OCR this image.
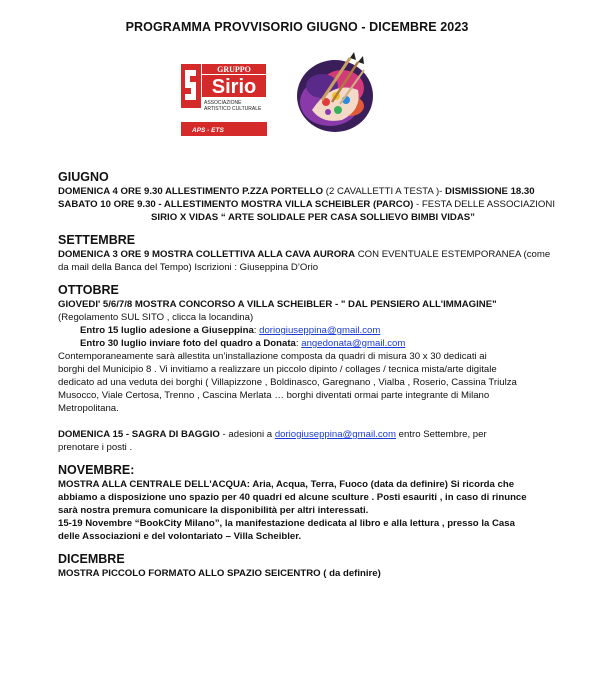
PROGRAMMA PROVVISORIO GIUGNO - DICEMBRE 2023
GRUPPO
Sirio
ASSOCIAZIONE
ARTISTICO CULTURALE
APS - ETS
GIUGNO
DOMENICA 4 ORE 9.30 ALLESTIMENTO P.ZZA PORTELLO (2 CAVALLETTI A TESTA )- DISMISSIONE 18.30
SABATO 10 ORE 9.30 - ALLESTIMENTO MOSTRA VILLA SCHEIBLER (PARCO) - FESTA DELLE ASSOCIAZIONI
SIRIO X VIDAS “ ARTE SOLIDALE PER CASA SOLLIEVO BIMBI VIDAS”
SETTEMBRE
DOMENICA 3 ORE 9 MOSTRA COLLETTIVA ALLA CAVA AURORA CON EVENTUALE ESTEMPORANEA (come
da mail della Banca del Tempo) Iscrizioni : Giuseppina D’Orio
OTTOBRE
GIOVEDI' 5/6/7/8 MOSTRA CONCORSO A VILLA SCHEIBLER - " DAL PENSIERO ALL'IMMAGINE"
(Regolamento SUL SITO , clicca la locandina)
Entro 15 luglio adesione a Giuseppina: doriogiuseppina@gmail.com
Entro 30 luglio inviare foto del quadro a Donata: angedonata@gmail.com
Contemporaneamente sarà allestita un’installazione composta da quadri di misura 30 x 30 dedicati ai
borghi del Municipio 8 . Vi invitiamo a realizzare un piccolo dipinto / collages / tecnica mista/arte digitale
dedicato ad una veduta dei borghi ( Villapizzone , Boldinasco, Garegnano , Vialba , Roserio, Cassina Triulza
Musocco, Viale Certosa, Trenno , Cascina Merlata … borghi diventati ormai parte integrante di Milano
Metropolitana.
DOMENICA 15 - SAGRA DI BAGGIO - adesioni a doriogiuseppina@gmail.com entro Settembre, per
prenotare i posti .
NOVEMBRE:
MOSTRA ALLA CENTRALE DELL'ACQUA: Aria, Acqua, Terra, Fuoco (data da definire) Si ricorda che
abbiamo a disposizione uno spazio per 40 quadri ed alcune sculture . Posti esauriti , in caso di rinunce
sarà nostra premura comunicare la disponibilità per altri interessati.
15-19 Novembre “BookCity Milano”, la manifestazione dedicata al libro e alla lettura , presso la Casa
delle Associazioni e del volontariato – Villa Scheibler.
DICEMBRE
MOSTRA PICCOLO FORMATO ALLO SPAZIO SEICENTRO ( da definire)
